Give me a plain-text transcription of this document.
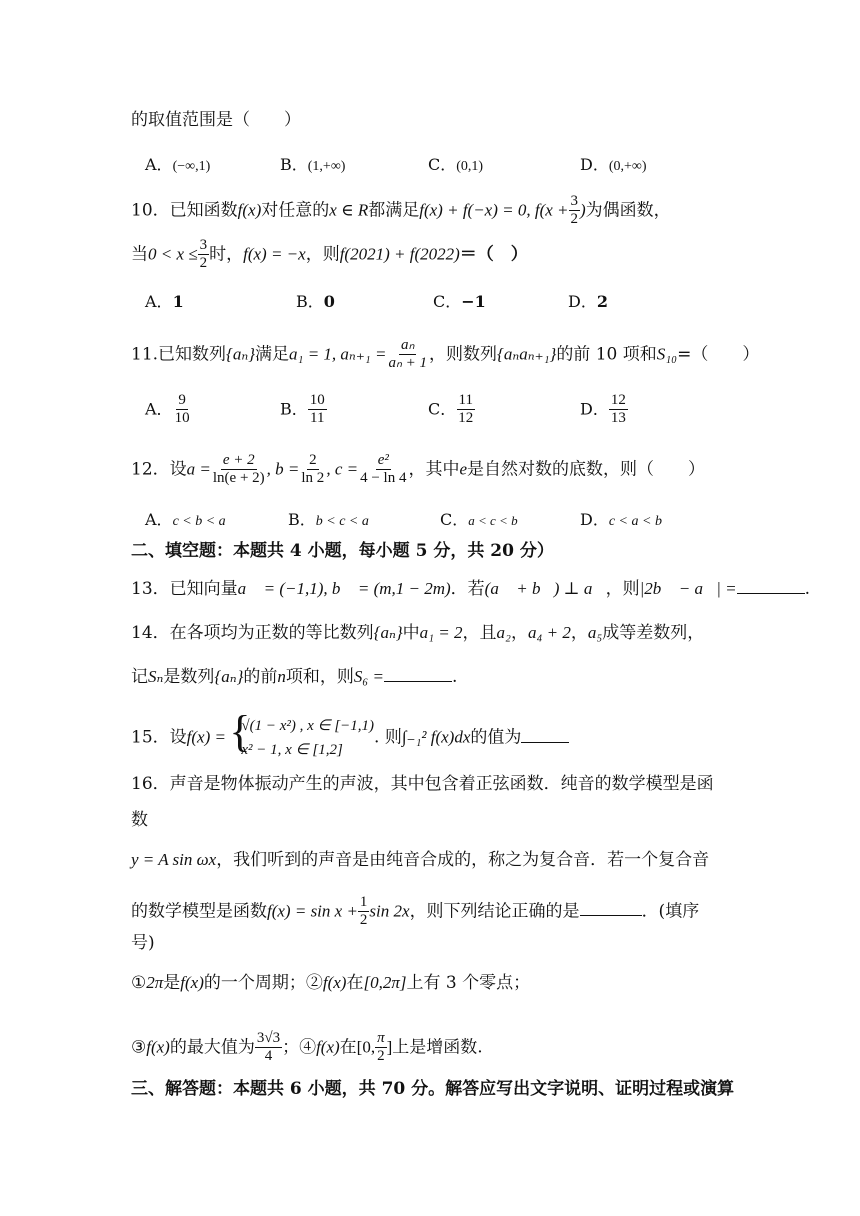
的取值范围是（　　）
A．(−∞,1)	B．(1,+∞)	C．(0,1)	D．(0,+∞)
10．已知函数f(x)对任意的x ∈ R都满足f(x) + f(−x) = 0, $f(x + \frac{3}{2}$ )为偶函数，
当$0 < x \le \frac{3}{2}$ 时，f(x) = −x，则f(2021) + f(2022)＝（　）
A．1	B．0	C．−1	D．2
11.已知数列{aₙ}满足a₁ = 1, $a_{n+1} = \frac{\text{aₙ}}{\text{aₙ + 1}}$ ，则数列{aₙaₙ₊₁}的前 10 项和S₁₀=（　　）
A． $\frac{9}{10}$	B． $\frac{10}{11}$	C． $\frac{11}{12}$	D． $\frac{12}{13}$
12．设$a = \frac{e + 2}{\ln(e + 2)}$ , $b = \frac{2}{\ln 2}$ , $c = \frac{\text{e²}}{4 - \ln 4}$ ，其中e是自然对数的底数，则（　　）
A．c < b < a	B．b < c < a	C．a < c < b	D．c < a < b
二、填空题：本题共 4 小题，每小题 5 分，共 20 分）
13．已知向量a⃗ = (−1,1), b⃗ = (m,1 − 2m)．若(a⃗ + b⃗) ⊥ a⃗，则|2b⃗ − a⃗| =	.
14．在各项均为正数的等比数列{aₙ}中a₁ = 2，且a₂，a₄ + 2，a₅成等差数列，
记Sₙ是数列{aₙ}的前n项和，则S₆ =	.
15．设f(x) = {
√(1 − x²) , x ∈ [−1,1)
x² − 1, x ∈ [1,2]
. 则∫₋₁² f(x)dx的值为
16．声音是物体振动产生的声波，其中包含着正弦函数．纯音的数学模型是函
数
y = A sin ωx，我们听到的声音是由纯音合成的，称之为复合音．若一个复合音
的数学模型是函数$f(x) = \sin x + \frac{1}{2}$ sin 2x，则下列结论正确的是	．(填序
号)
①2π是f(x)的一个周期；②f(x)在[0,2π]上有 3 个零点；
③f(x)的最大值为 $\frac{3√3}{4}$ ；④f(x)在[0, $\frac{\pi}{2}$ ]上是增函数.
三、解答题：本题共 6 小题，共 70 分。解答应写出文字说明、证明过程或演算
